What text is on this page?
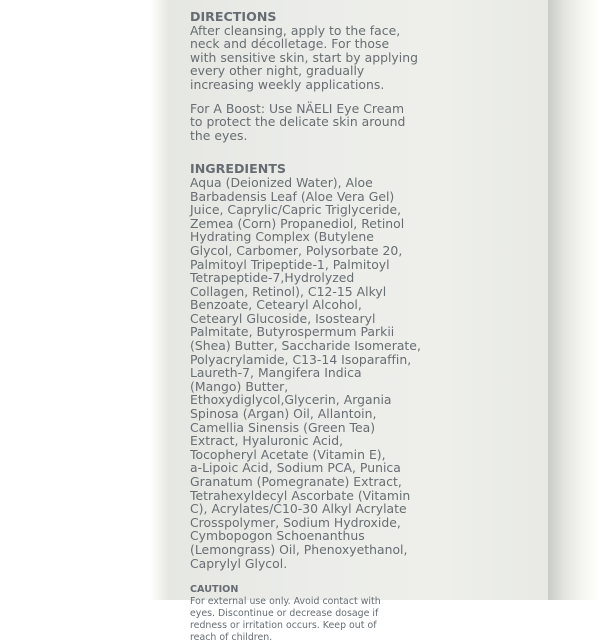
DIRECTIONS

After cleansing, apply to the face,

neck and décolletage. For those

with sensitive skin, start by applying

every other night, gradually

increasing weekly applications.

For A Boost: Use NÄELI Eye Cream

to protect the delicate skin around

the eyes.

INGREDIENTS

Aqua (Deionized Water), Aloe

Barbadensis Leaf (Aloe Vera Gel)

Juice, Caprylic/Capric Triglyceride,

Zemea (Corn) Propanediol, Retinol

Hydrating Complex (Butylene

Glycol, Carbomer, Polysorbate 20,

Palmitoyl Tripeptide-1, Palmitoyl

Tetrapeptide-7,Hydrolyzed

Collagen, Retinol), C12-15 Alkyl

Benzoate, Cetearyl Alcohol,

Cetearyl Glucoside, Isostearyl

Palmitate, Butyrospermum Parkii

(Shea) Butter, Saccharide Isomerate,

Polyacrylamide, C13-14 Isoparaffin,

Laureth-7, Mangifera Indica

(Mango) Butter,

Ethoxydiglycol,Glycerin, Argania

Spinosa (Argan) Oil, Allantoin,

Camellia Sinensis (Green Tea)

Extract, Hyaluronic Acid,

Tocopheryl Acetate (Vitamin E),

a-Lipoic Acid, Sodium PCA, Punica

Granatum (Pomegranate) Extract,

Tetrahexyldecyl Ascorbate (Vitamin

C), Acrylates/C10-30 Alkyl Acrylate

Crosspolymer, Sodium Hydroxide,

Cymbopogon Schoenanthus

(Lemongrass) Oil, Phenoxyethanol,

Caprylyl Glycol.

CAUTION

For external use only. Avoid contact with

eyes. Discontinue or decrease dosage if

redness or irritation occurs. Keep out of

reach of children.
